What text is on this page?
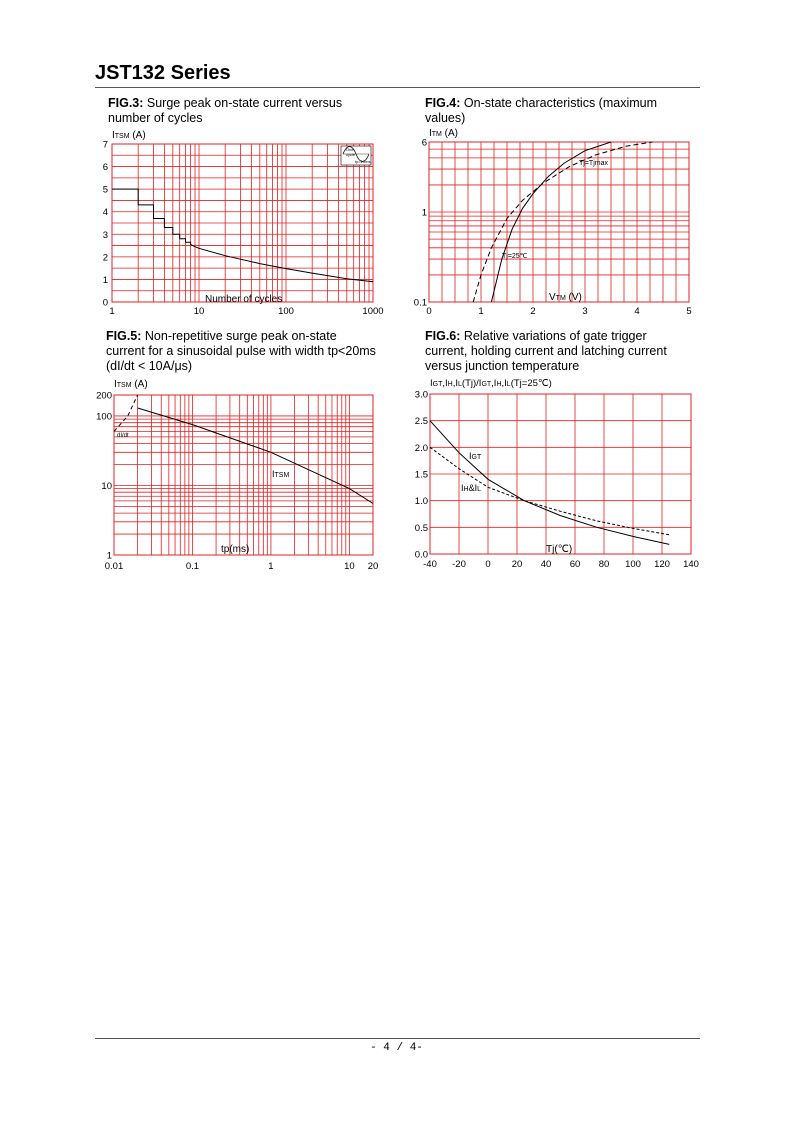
JST132 Series
FIG.3: Surge peak on-state current versus
number of cycles
FIG.4: On-state characteristics (maximum
values)
FIG.5: Non-repetitive surge peak on-state
current for a sinusoidal pulse with width tp<20ms
(dI/dt < 10A/μs)
FIG.6: Relative variations of gate trigger
current, holding current and latching current
versus junction temperature
1	10	100	1000
0
1
2
3
4
5
6
7
ITSM (A)
Number of cycles
One
cycle
tp=10ms
0	1	2	3	4	5
0.1
1
6
ITM (A)
VTM (V)
Tj=25℃
Tj=Tjmax
0.01	0.1	1	10 20
1
10
100
200
ITSM (A)
tp(ms)
ITSM
dI/dt
-40 -20 0 20 40 60 80 100 120 140
0.0
0.5
1.0
1.5
2.0
2.5
3.0
IGT,IH,IL(Tj)/IGT,IH,IL(Tj=25℃)
Tj(℃)
IGT
IH&IL
- 4 / 4-
